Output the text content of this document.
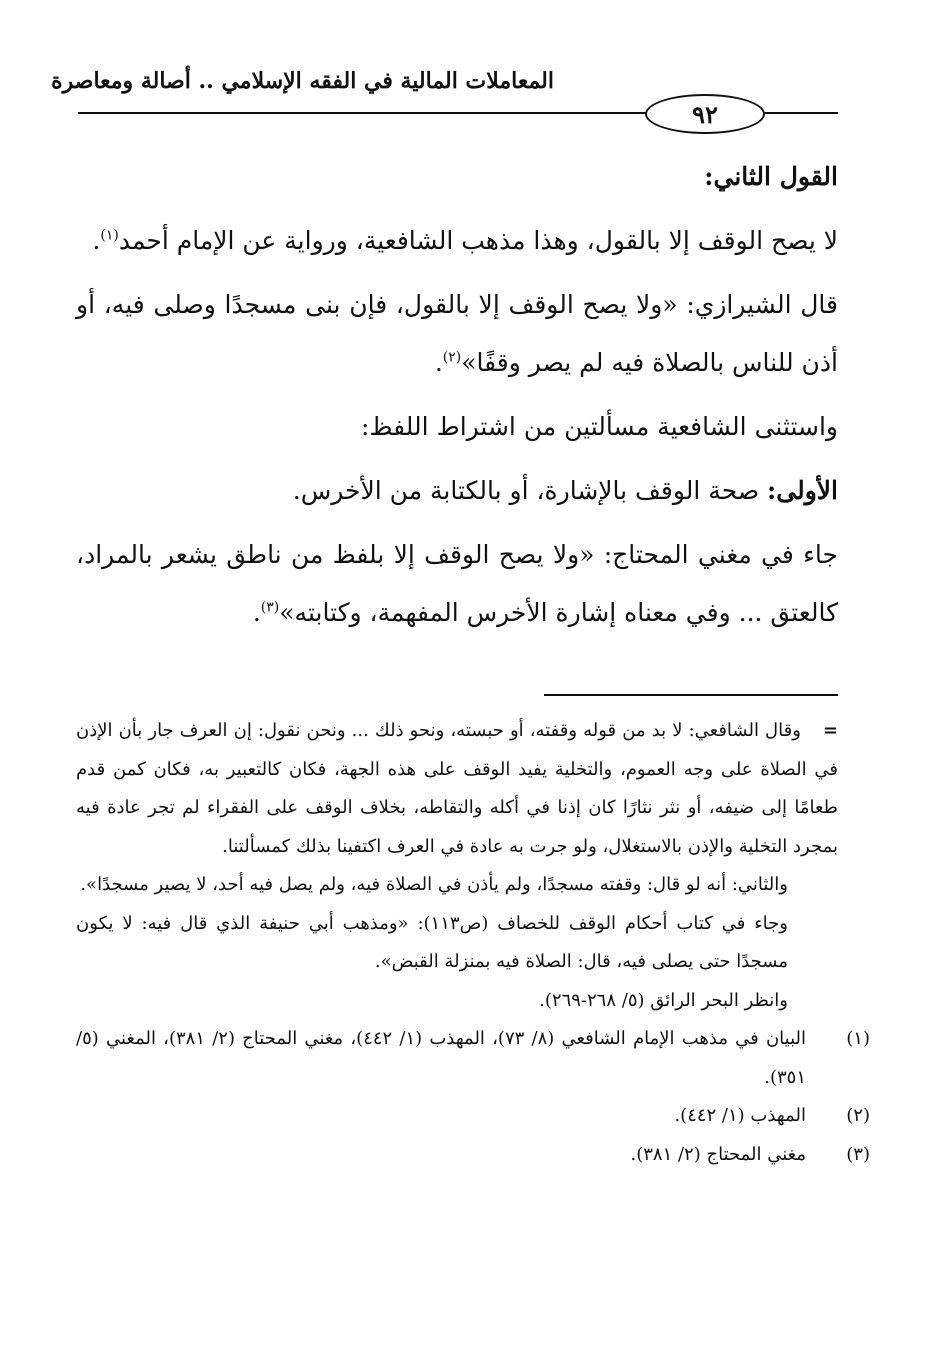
المعاملات المالية في الفقه الإسلامي .. أصالة ومعاصرة
٩٢

القول الثاني:

لا يصح الوقف إلا بالقول، وهذا مذهب الشافعية، ورواية عن الإمام أحمد$^{(١)}$.

قال الشيرازي: «ولا يصح الوقف إلا بالقول، فإن بنى مسجدًا وصلى فيه، أو أذن للناس بالصلاة فيه لم يصر وقفًا»$^{(٢)}$.

واستثنى الشافعية مسألتين من اشتراط اللفظ:

الأولى: صحة الوقف بالإشارة، أو بالكتابة من الأخرس.

جاء في مغني المحتاج: «ولا يصح الوقف إلا بلفظ من ناطق يشعر بالمراد، كالعتق ... وفي معناه إشارة الأخرس المفهمة، وكتابته»$^{(٣)}$.

=وقال الشافعي: لا بد من قوله وقفته، أو حبسته، ونحو ذلك ... ونحن نقول: إن العرف جار بأن الإذن في الصلاة على وجه العموم، والتخلية يفيد الوقف على هذه الجهة، فكان كالتعبير به، فكان كمن قدم طعامًا إلى ضيفه، أو نثر نثارًا كان إذنا في أكله والتقاطه، بخلاف الوقف على الفقراء لم تجر عادة فيه بمجرد التخلية والإذن بالاستغلال، ولو جرت به عادة في العرف اكتفينا بذلك كمسألتنا.

والثاني: أنه لو قال: وقفته مسجدًا، ولم يأذن في الصلاة فيه، ولم يصل فيه أحد، لا يصير مسجدًا».

وجاء في كتاب أحكام الوقف للخصاف (ص١١٣): «ومذهب أبي حنيفة الذي قال فيه: لا يكون مسجدًا حتى يصلى فيه، قال: الصلاة فيه بمنزلة القبض».

وانظر البحر الرائق (٥/ ٢٦٨-٢٦٩).

(١)البيان في مذهب الإمام الشافعي (٨/ ٧٣)، المهذب (١/ ٤٤٢)، مغني المحتاج (٢/ ٣٨١)، المغني (٥/ ٣٥١).

(٢)المهذب (١/ ٤٤٢).

(٣)مغني المحتاج (٢/ ٣٨١).
